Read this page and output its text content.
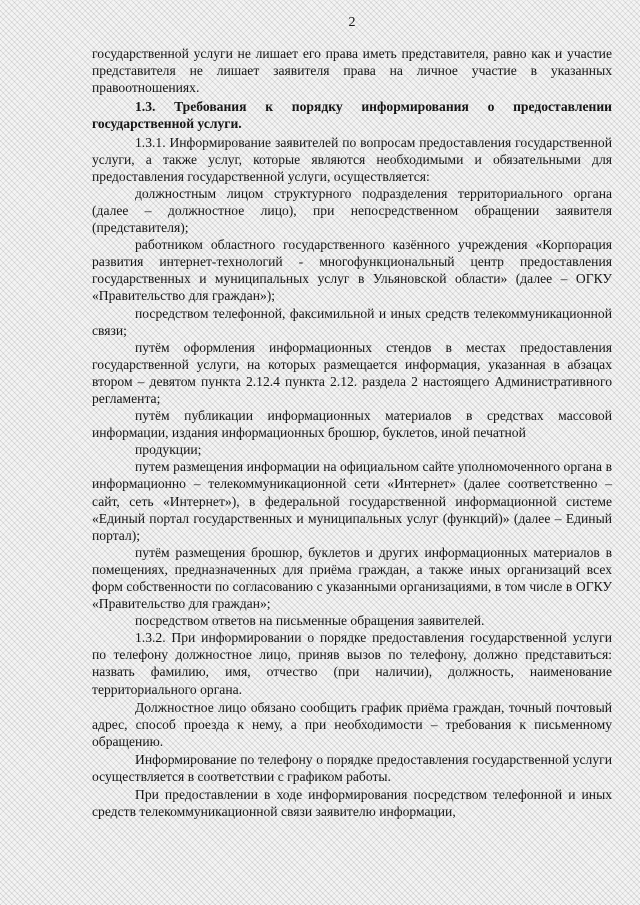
2

государственной услуги не лишает его права иметь представителя, равно как и участие представителя не лишает заявителя права на личное участие в указанных правоотношениях.

1.3. Требования к порядку информирования о предоставлении государственной услуги.

1.3.1. Информирование заявителей по вопросам предоставления государственной услуги, а также услуг, которые являются необходимыми и обязательными для предоставления государственной услуги, осуществляется:

должностным лицом структурного подразделения территориального органа (далее – должностное лицо), при непосредственном обращении заявителя (представителя);

работником областного государственного казённого учреждения «Корпорация развития интернет-технологий - многофункциональный центр предоставления государственных и муниципальных услуг в Ульяновской области» (далее – ОГКУ «Правительство для граждан»);

посредством телефонной, факсимильной и иных средств телекоммуникационной связи;

путём оформления информационных стендов в местах предоставления государственной услуги, на которых размещается информация, указанная в абзацах втором – девятом пункта 2.12.4 пункта 2.12. раздела 2 настоящего Административного регламента;

путём публикации информационных материалов в средствах массовой информации, издания информационных брошюр, буклетов, иной печатной

продукции;

путем размещения информации на официальном сайте уполномоченного органа в информационно – телекоммуникационной сети «Интернет» (далее соответственно – сайт, сеть «Интернет»), в федеральной государственной информационной системе «Единый портал государственных и муниципальных услуг (функций)» (далее – Единый портал);

путём размещения брошюр, буклетов и других информационных материалов в помещениях, предназначенных для приёма граждан, а также иных организаций всех форм собственности по согласованию с указанными организациями, в том числе в ОГКУ «Правительство для граждан»;

посредством ответов на письменные обращения заявителей.

1.3.2. При информировании о порядке предоставления государственной услуги по телефону должностное лицо, приняв вызов по телефону, должно представиться: назвать фамилию, имя, отчество (при наличии), должность, наименование территориального органа.

Должностное лицо обязано сообщить график приёма граждан, точный почтовый адрес, способ проезда к нему, а при необходимости – требования к письменному обращению.

Информирование по телефону о порядке предоставления государственной услуги осуществляется в соответствии с графиком работы.

При предоставлении в ходе информирования посредством телефонной и иных средств телекоммуникационной связи заявителю информации,
